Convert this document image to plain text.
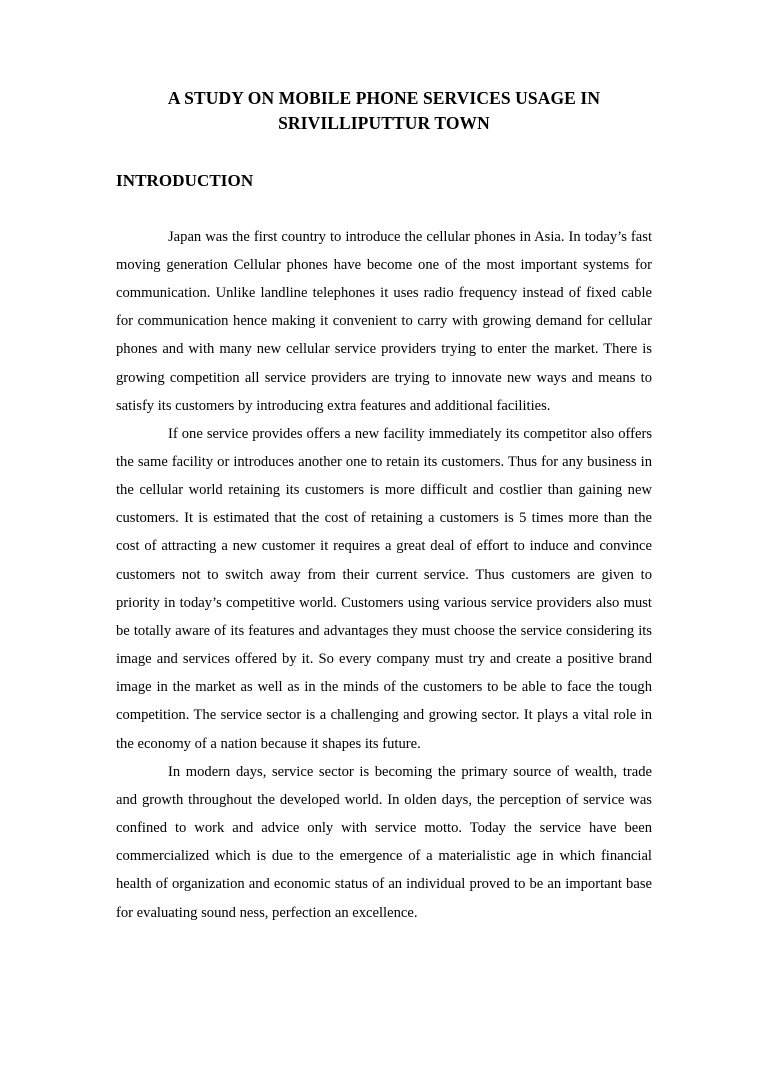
A STUDY ON MOBILE PHONE SERVICES USAGE IN SRIVILLIPUTTUR TOWN
INTRODUCTION

Japan was the first country to introduce the cellular phones in Asia. In today’s fast moving generation Cellular phones have become one of the most important systems for communication. Unlike landline telephones it uses radio frequency instead of fixed cable for communication hence making it convenient to carry with growing demand for cellular phones and with many new cellular service providers trying to enter the market. There is growing competition all service providers are trying to innovate new ways and means to satisfy its customers by introducing extra features and additional facilities.

If one service provides offers a new facility immediately its competitor also offers the same facility or introduces another one to retain its customers. Thus for any business in the cellular world retaining its customers is more difficult and costlier than gaining new customers. It is estimated that the cost of retaining a customers is 5 times more than the cost of attracting a new customer it requires a great deal of effort to induce and convince customers not to switch away from their current service. Thus customers are given to priority in today’s competitive world. Customers using various service providers also must be totally aware of its features and advantages they must choose the service considering its image and services offered by it. So every company must try and create a positive brand image in the market as well as in the minds of the customers to be able to face the tough competition. The service sector is a challenging and growing sector. It plays a vital role in the economy of a nation because it shapes its future.

In modern days, service sector is becoming the primary source of wealth, trade and growth throughout the developed world. In olden days, the perception of service was confined to work and advice only with service motto. Today the service have been commercialized which is due to the emergence of a materialistic age in which financial health of organization and economic status of an individual proved to be an important base for evaluating sound ness, perfection an excellence.
